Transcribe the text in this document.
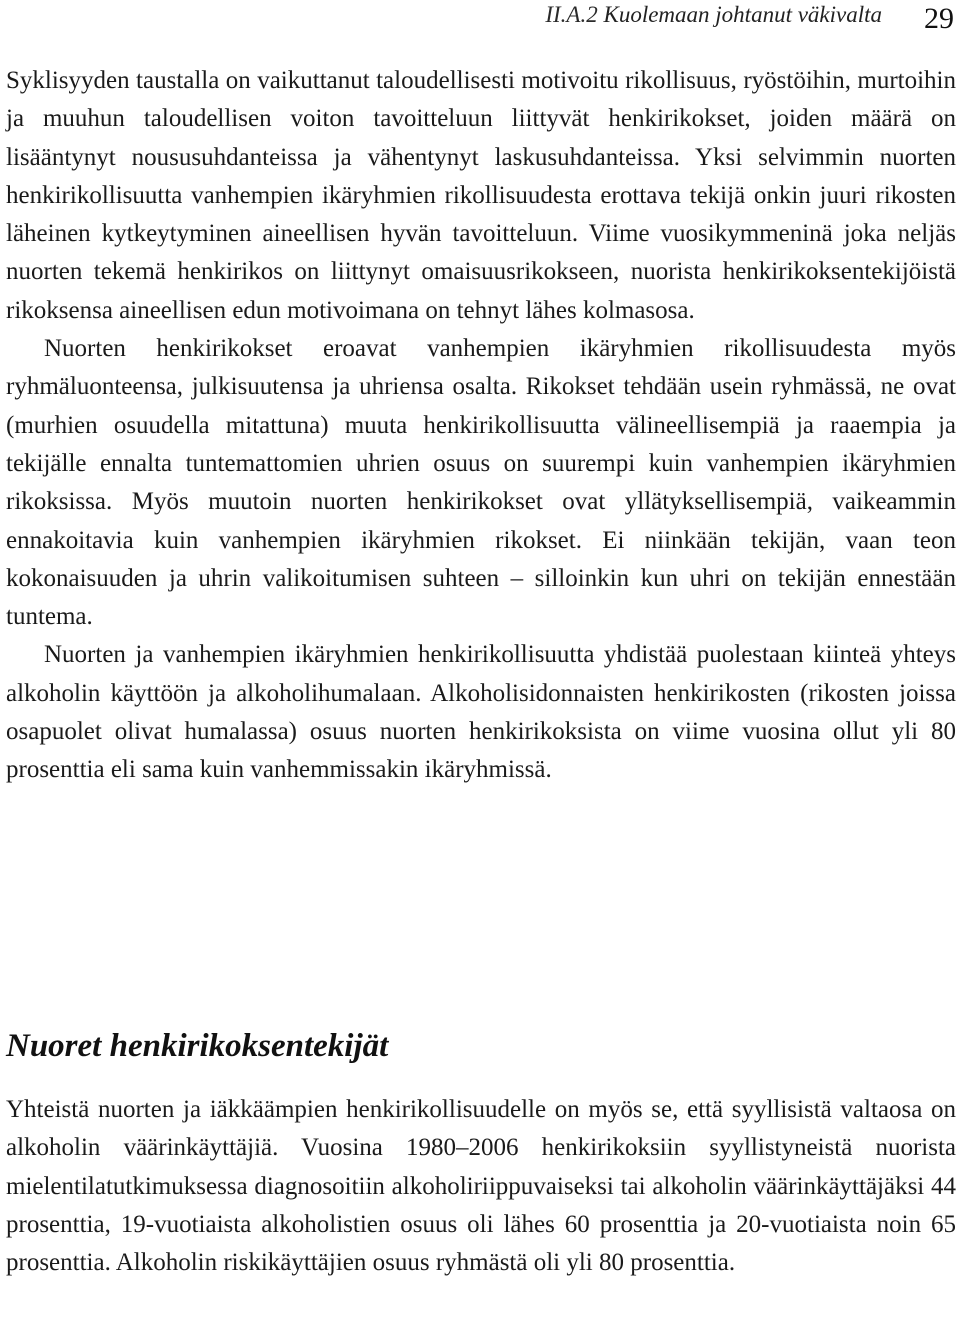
II.A.2 Kuolemaan johtanut väkivalta 29

Syklisyyden taustalla on vaikuttanut taloudellisesti motivoitu rikollisuus, ryöstöihin, murtoihin ja muuhun taloudellisen voiton tavoitteluun liittyvät henkirikokset, joiden määrä on lisääntynyt noususuhdanteissa ja vähentynyt laskusuhdanteissa. Yksi selvimmin nuorten henkirikollisuutta vanhempien ikäryhmien rikollisuudesta erottava tekijä onkin juuri rikosten läheinen kytkeytyminen aineellisen hyvän tavoitteluun. Viime vuosikymmeninä joka neljäs nuorten tekemä henkirikos on liittynyt omaisuusrikokseen, nuorista henkirikoksentekijöistä rikoksensa aineellisen edun motivoimana on tehnyt lähes kolmasosa.

Nuorten henkirikokset eroavat vanhempien ikäryhmien rikollisuudesta myös ryhmäluonteensa, julkisuutensa ja uhriensa osalta. Rikokset tehdään usein ryhmässä, ne ovat (murhien osuudella mitattuna) muuta henkirikollisuutta välineellisempiä ja raaempia ja tekijälle ennalta tuntemattomien uhrien osuus on suurempi kuin vanhempien ikäryhmien rikoksissa. Myös muutoin nuorten henkirikokset ovat yllätyksellisempiä, vaikeammin ennakoitavia kuin vanhempien ikäryhmien rikokset. Ei niinkään tekijän, vaan teon kokonaisuuden ja uhrin valikoitumisen suhteen – silloinkin kun uhri on tekijän ennestään tuntema.

Nuorten ja vanhempien ikäryhmien henkirikollisuutta yhdistää puolestaan kiinteä yhteys alkoholin käyttöön ja alkoholihumalaan. Alkoholisidonnaisten henkirikosten (rikosten joissa osapuolet olivat humalassa) osuus nuorten henkirikoksista on viime vuosina ollut yli 80 prosenttia eli sama kuin vanhemmissakin ikäryhmissä.

Nuoret henkirikoksentekijät

Yhteistä nuorten ja iäkkäämpien henkirikollisuudelle on myös se, että syyllisistä valtaosa on alkoholin väärinkäyttäjiä. Vuosina 1980–2006 henkirikoksiin syyllistyneistä nuorista mielentilatutkimuksessa diagnosoitiin alkoholiriippuvaiseksi tai alkoholin väärinkäyttäjäksi 44 prosenttia, 19-vuotiaista alkoholistien osuus oli lähes 60 prosenttia ja 20-vuotiaista noin 65 prosenttia. Alkoholin riskikäyttäjien osuus ryhmästä oli yli 80 prosenttia.
